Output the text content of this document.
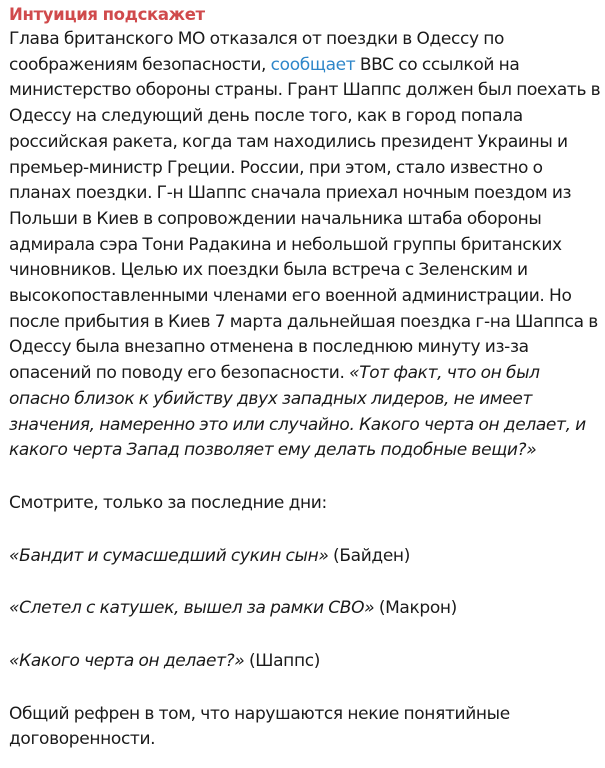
Интуиция подскажет
Глава британского МО отказался от поездки в Одессу по соображениям безопасности, сообщает BBC со ссылкой на министерство обороны страны. Грант Шаппс должен был поехать в Одессу на следующий день после того, как в город попала российская ракета, когда там находились президент Украины и премьер-министр Греции. России, при этом, стало известно о планах поездки. Г-н Шаппс сначала приехал ночным поездом из Польши в Киев в сопровождении начальника штаба обороны адмирала сэра Тони Радакина и небольшой группы британских чиновников. Целью их поездки была встреча с Зеленским и высокопоставленными членами его военной администрации. Но после прибытия в Киев 7 марта дальнейшая поездка г-на Шаппса в Одессу была внезапно отменена в последнюю минуту из-за опасений по поводу его безопасности. «Тот факт, что он был опасно близок к убийству двух западных лидеров, не имеет значения, намеренно это или случайно. Какого черта он делает, и какого черта Запад позволяет ему делать подобные вещи?»
Смотрите, только за последние дни:
«Бандит и сумасшедший сукин сын» (Байден)
«Слетел с катушек, вышел за рамки СВО» (Макрон)
«Какого черта он делает?» (Шаппс)
Общий рефрен в том, что нарушаются некие понятийные договоренности.
